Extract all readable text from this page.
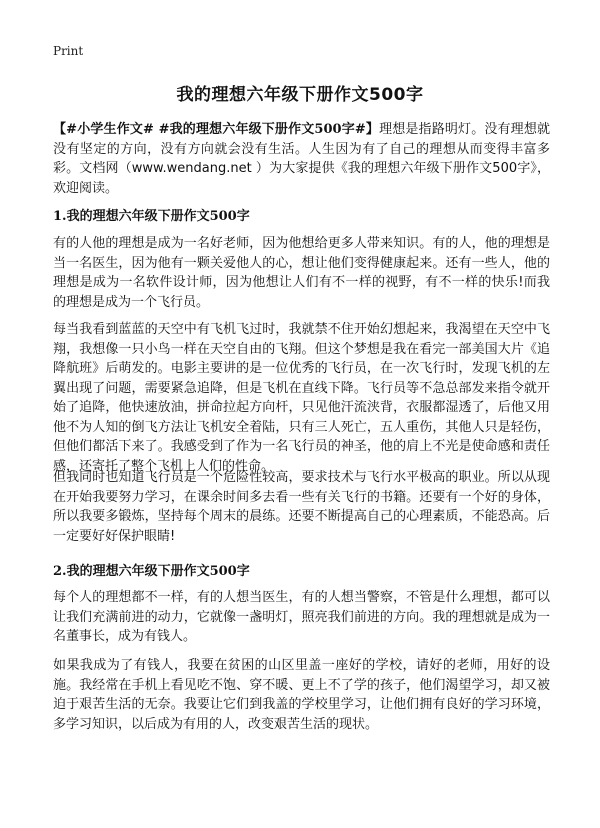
Print
我的理想六年级下册作文500字
【#小学生作文# #我的理想六年级下册作文500字#】理想是指路明灯。没有理想就没有坚定的方向，没有方向就会没有生活。人生因为有了自己的理想从而变得丰富多彩。文档网（www.wendang.net ）为大家提供《我的理想六年级下册作文500字》，欢迎阅读。
1.我的理想六年级下册作文500字
有的人他的理想是成为一名好老师，因为他想给更多人带来知识。有的人，他的理想是当一名医生，因为他有一颗关爱他人的心，想让他们变得健康起来。还有一些人，他的理想是成为一名软件设计师，因为他想让人们有不一样的视野，有不一样的快乐!而我的理想是成为一个飞行员。
每当我看到蓝蓝的天空中有飞机飞过时，我就禁不住开始幻想起来，我渴望在天空中飞翔，我想像一只小鸟一样在天空自由的飞翔。但这个梦想是我在看完一部美国大片《追降航班》后萌发的。电影主要讲的是一位优秀的飞行员，在一次飞行时，发现飞机的左翼出现了问题，需要紧急追降，但是飞机在直线下降。飞行员等不急总部发来指令就开始了追降，他快速放油，拼命拉起方向杆，只见他汗流浃背，衣服都湿透了，后他又用他不为人知的倒飞方法让飞机安全着陆，只有三人死亡，五人重伤，其他人只是轻伤，但他们都活下来了。我感受到了作为一名飞行员的神圣，他的肩上不光是使命感和责任感，还寄托了整个飞机上人们的性命。
但我同时也知道飞行员是一个危险性较高，要求技术与飞行水平极高的职业。所以从现在开始我要努力学习，在课余时间多去看一些有关飞行的书籍。还要有一个好的身体，所以我要多锻炼，坚持每个周末的晨练。还要不断提高自己的心理素质，不能恐高。后一定要好好保护眼睛!
2.我的理想六年级下册作文500字
每个人的理想都不一样，有的人想当医生，有的人想当警察，不管是什么理想，都可以让我们充满前进的动力，它就像一盏明灯，照亮我们前进的方向。我的理想就是成为一名董事长，成为有钱人。
如果我成为了有钱人，我要在贫困的山区里盖一座好的学校，请好的老师，用好的设施。我经常在手机上看见吃不饱、穿不暖、更上不了学的孩子，他们渴望学习，却又被迫于艰苦生活的无奈。我要让它们到我盖的学校里学习，让他们拥有良好的学习环境，多学习知识，以后成为有用的人，改变艰苦生活的现状。
